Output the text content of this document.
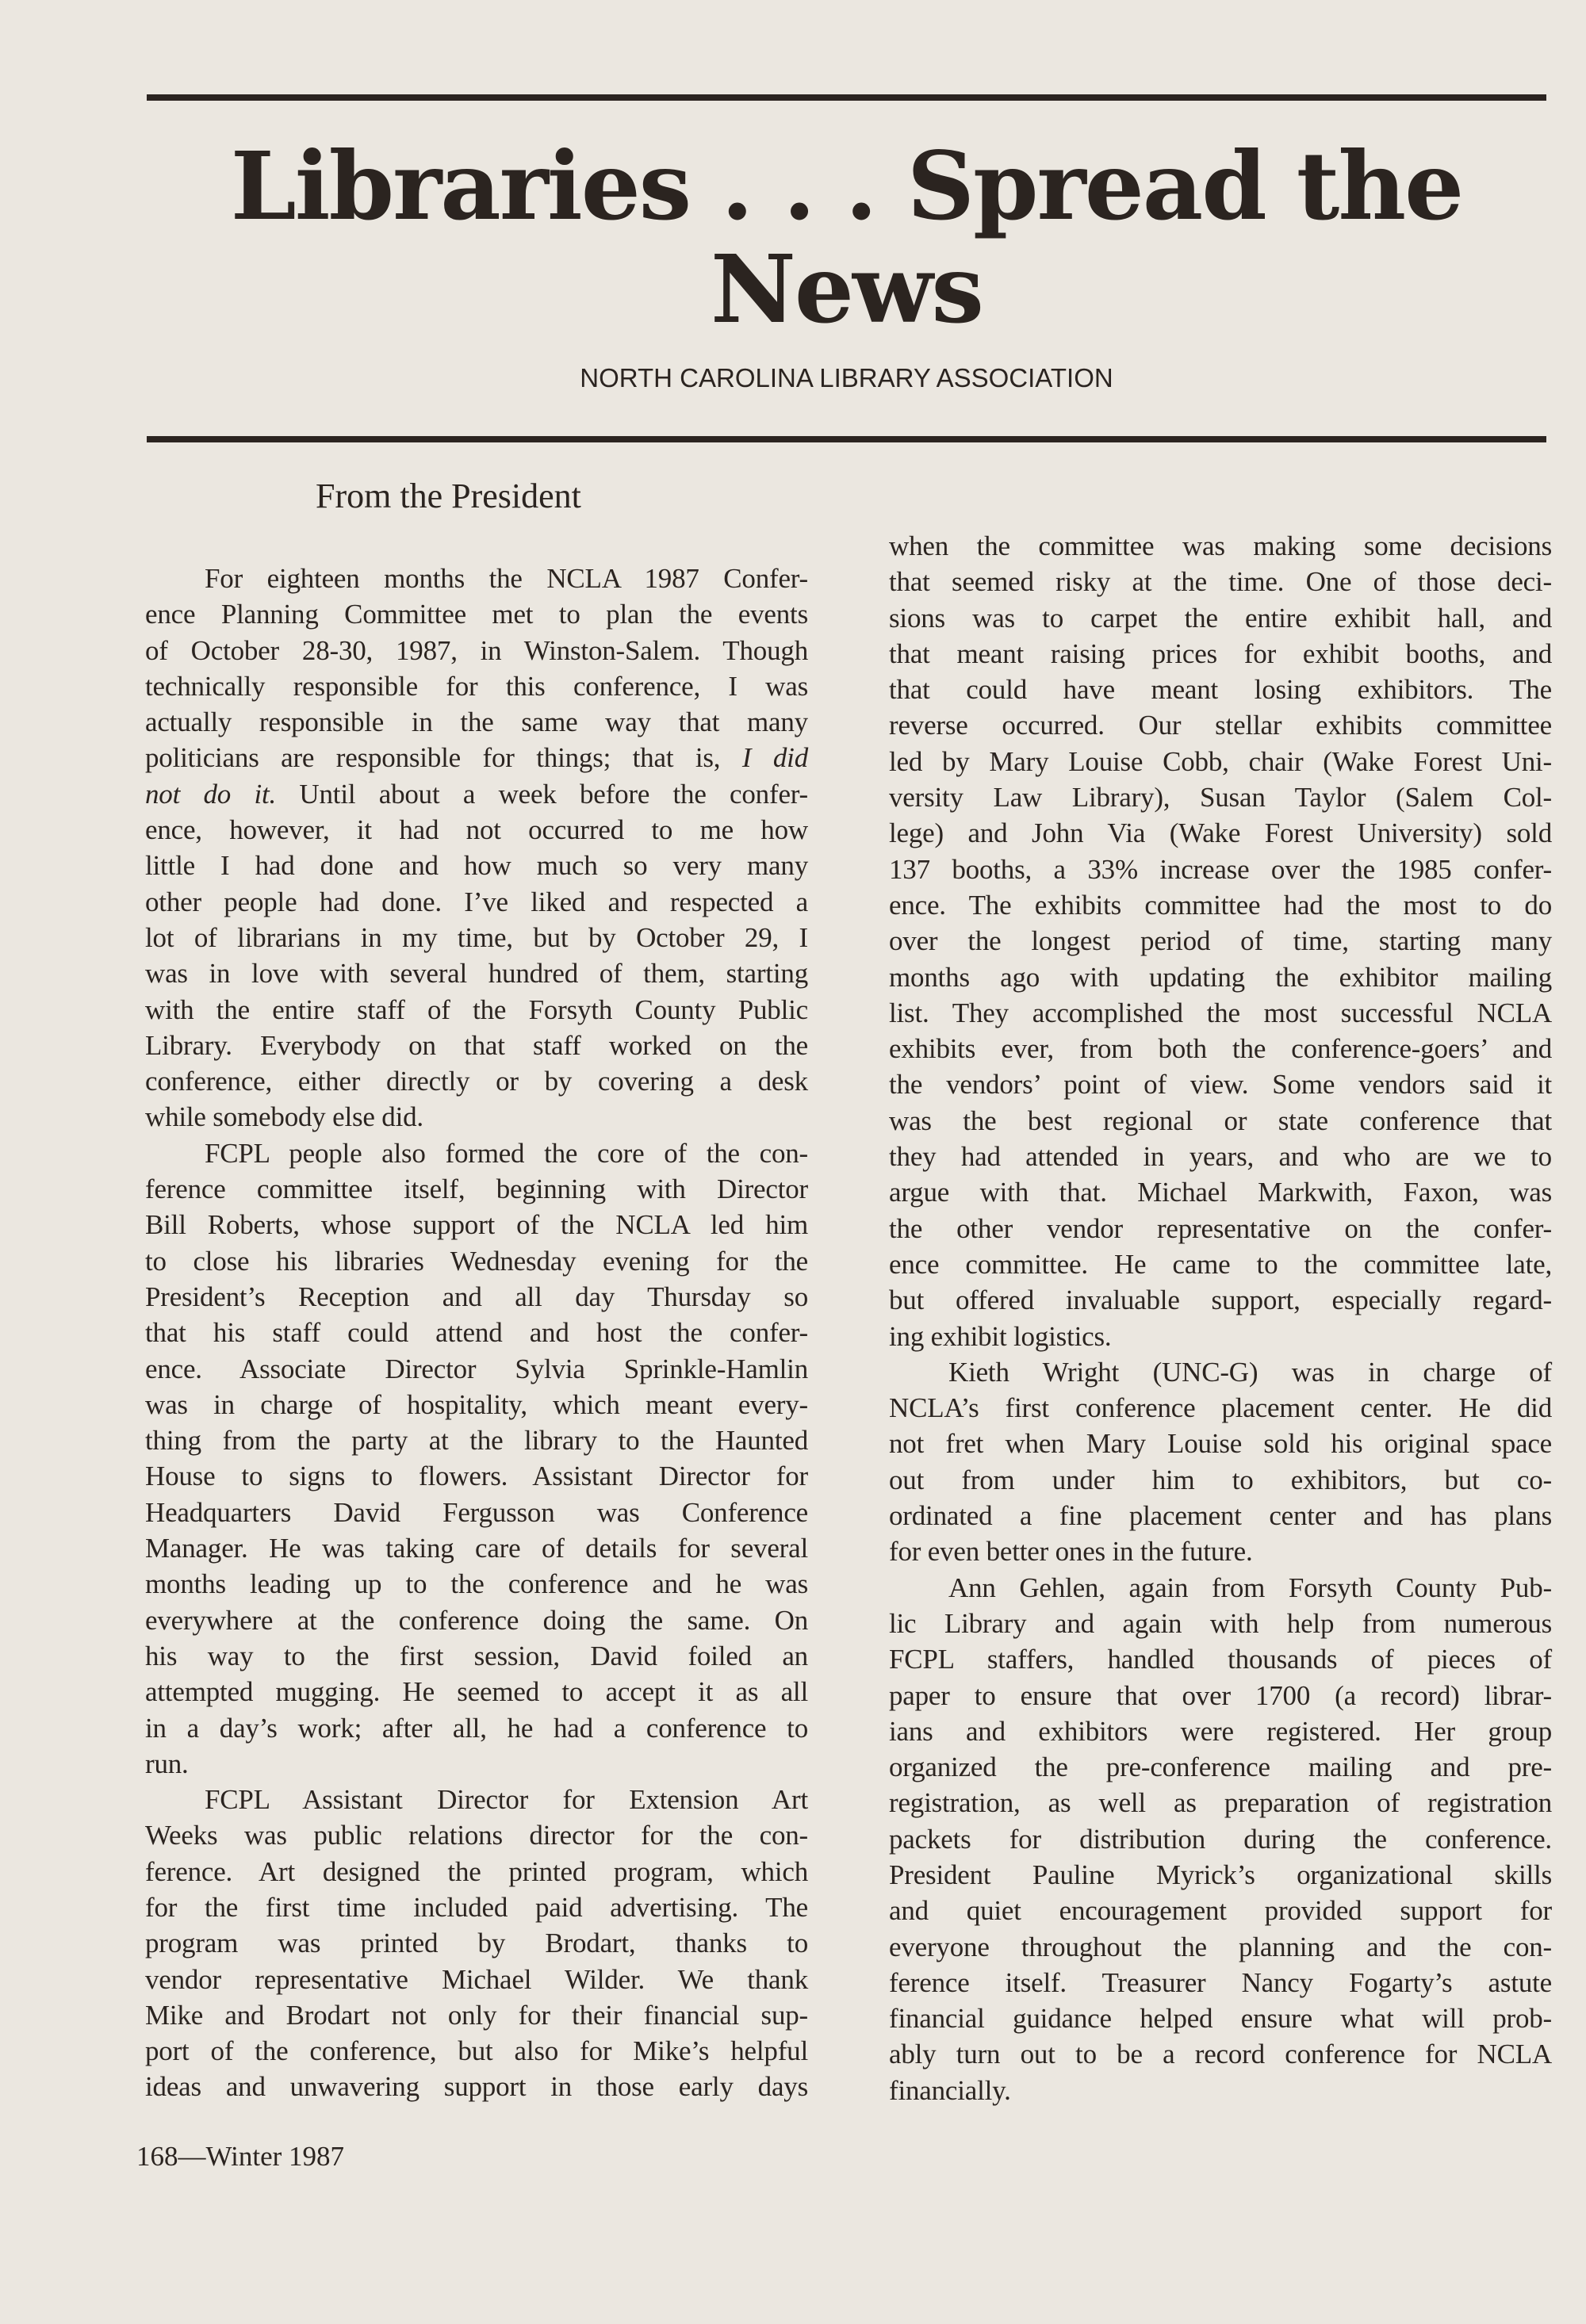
Libraries . . . Spread the
News
NORTH CAROLINA LIBRARY ASSOCIATION
From the President
For eighteen months the NCLA 1987 Confer-
ence Planning Committee met to plan the events
of October 28-30, 1987, in Winston-Salem. Though
technically responsible for this conference, I was
actually responsible in the same way that many
politicians are responsible for things; that is, I did
not do it. Until about a week before the confer-
ence, however, it had not occurred to me how
little I had done and how much so very many
other people had done. I’ve liked and respected a
lot of librarians in my time, but by October 29, I
was in love with several hundred of them, starting
with the entire staff of the Forsyth County Public
Library. Everybody on that staff worked on the
conference, either directly or by covering a desk
while somebody else did.
FCPL people also formed the core of the con-
ference committee itself, beginning with Director
Bill Roberts, whose support of the NCLA led him
to close his libraries Wednesday evening for the
President’s Reception and all day Thursday so
that his staff could attend and host the confer-
ence. Associate Director Sylvia Sprinkle-Hamlin
was in charge of hospitality, which meant every-
thing from the party at the library to the Haunted
House to signs to flowers. Assistant Director for
Headquarters David Fergusson was Conference
Manager. He was taking care of details for several
months leading up to the conference and he was
everywhere at the conference doing the same. On
his way to the first session, David foiled an
attempted mugging. He seemed to accept it as all
in a day’s work; after all, he had a conference to
run.
FCPL Assistant Director for Extension Art
Weeks was public relations director for the con-
ference. Art designed the printed program, which
for the first time included paid advertising. The
program was printed by Brodart, thanks to
vendor representative Michael Wilder. We thank
Mike and Brodart not only for their financial sup-
port of the conference, but also for Mike’s helpful
ideas and unwavering support in those early days
when the committee was making some decisions
that seemed risky at the time. One of those deci-
sions was to carpet the entire exhibit hall, and
that meant raising prices for exhibit booths, and
that could have meant losing exhibitors. The
reverse occurred. Our stellar exhibits committee
led by Mary Louise Cobb, chair (Wake Forest Uni-
versity Law Library), Susan Taylor (Salem Col-
lege) and John Via (Wake Forest University) sold
137 booths, a 33% increase over the 1985 confer-
ence. The exhibits committee had the most to do
over the longest period of time, starting many
months ago with updating the exhibitor mailing
list. They accomplished the most successful NCLA
exhibits ever, from both the conference-goers’ and
the vendors’ point of view. Some vendors said it
was the best regional or state conference that
they had attended in years, and who are we to
argue with that. Michael Markwith, Faxon, was
the other vendor representative on the confer-
ence committee. He came to the committee late,
but offered invaluable support, especially regard-
ing exhibit logistics.
Kieth Wright (UNC-G) was in charge of
NCLA’s first conference placement center. He did
not fret when Mary Louise sold his original space
out from under him to exhibitors, but co-
ordinated a fine placement center and has plans
for even better ones in the future.
Ann Gehlen, again from Forsyth County Pub-
lic Library and again with help from numerous
FCPL staffers, handled thousands of pieces of
paper to ensure that over 1700 (a record) librar-
ians and exhibitors were registered. Her group
organized the pre-conference mailing and pre-
registration, as well as preparation of registration
packets for distribution during the conference.
President Pauline Myrick’s organizational skills
and quiet encouragement provided support for
everyone throughout the planning and the con-
ference itself. Treasurer Nancy Fogarty’s astute
financial guidance helped ensure what will prob-
ably turn out to be a record conference for NCLA
financially.
168—Winter 1987
